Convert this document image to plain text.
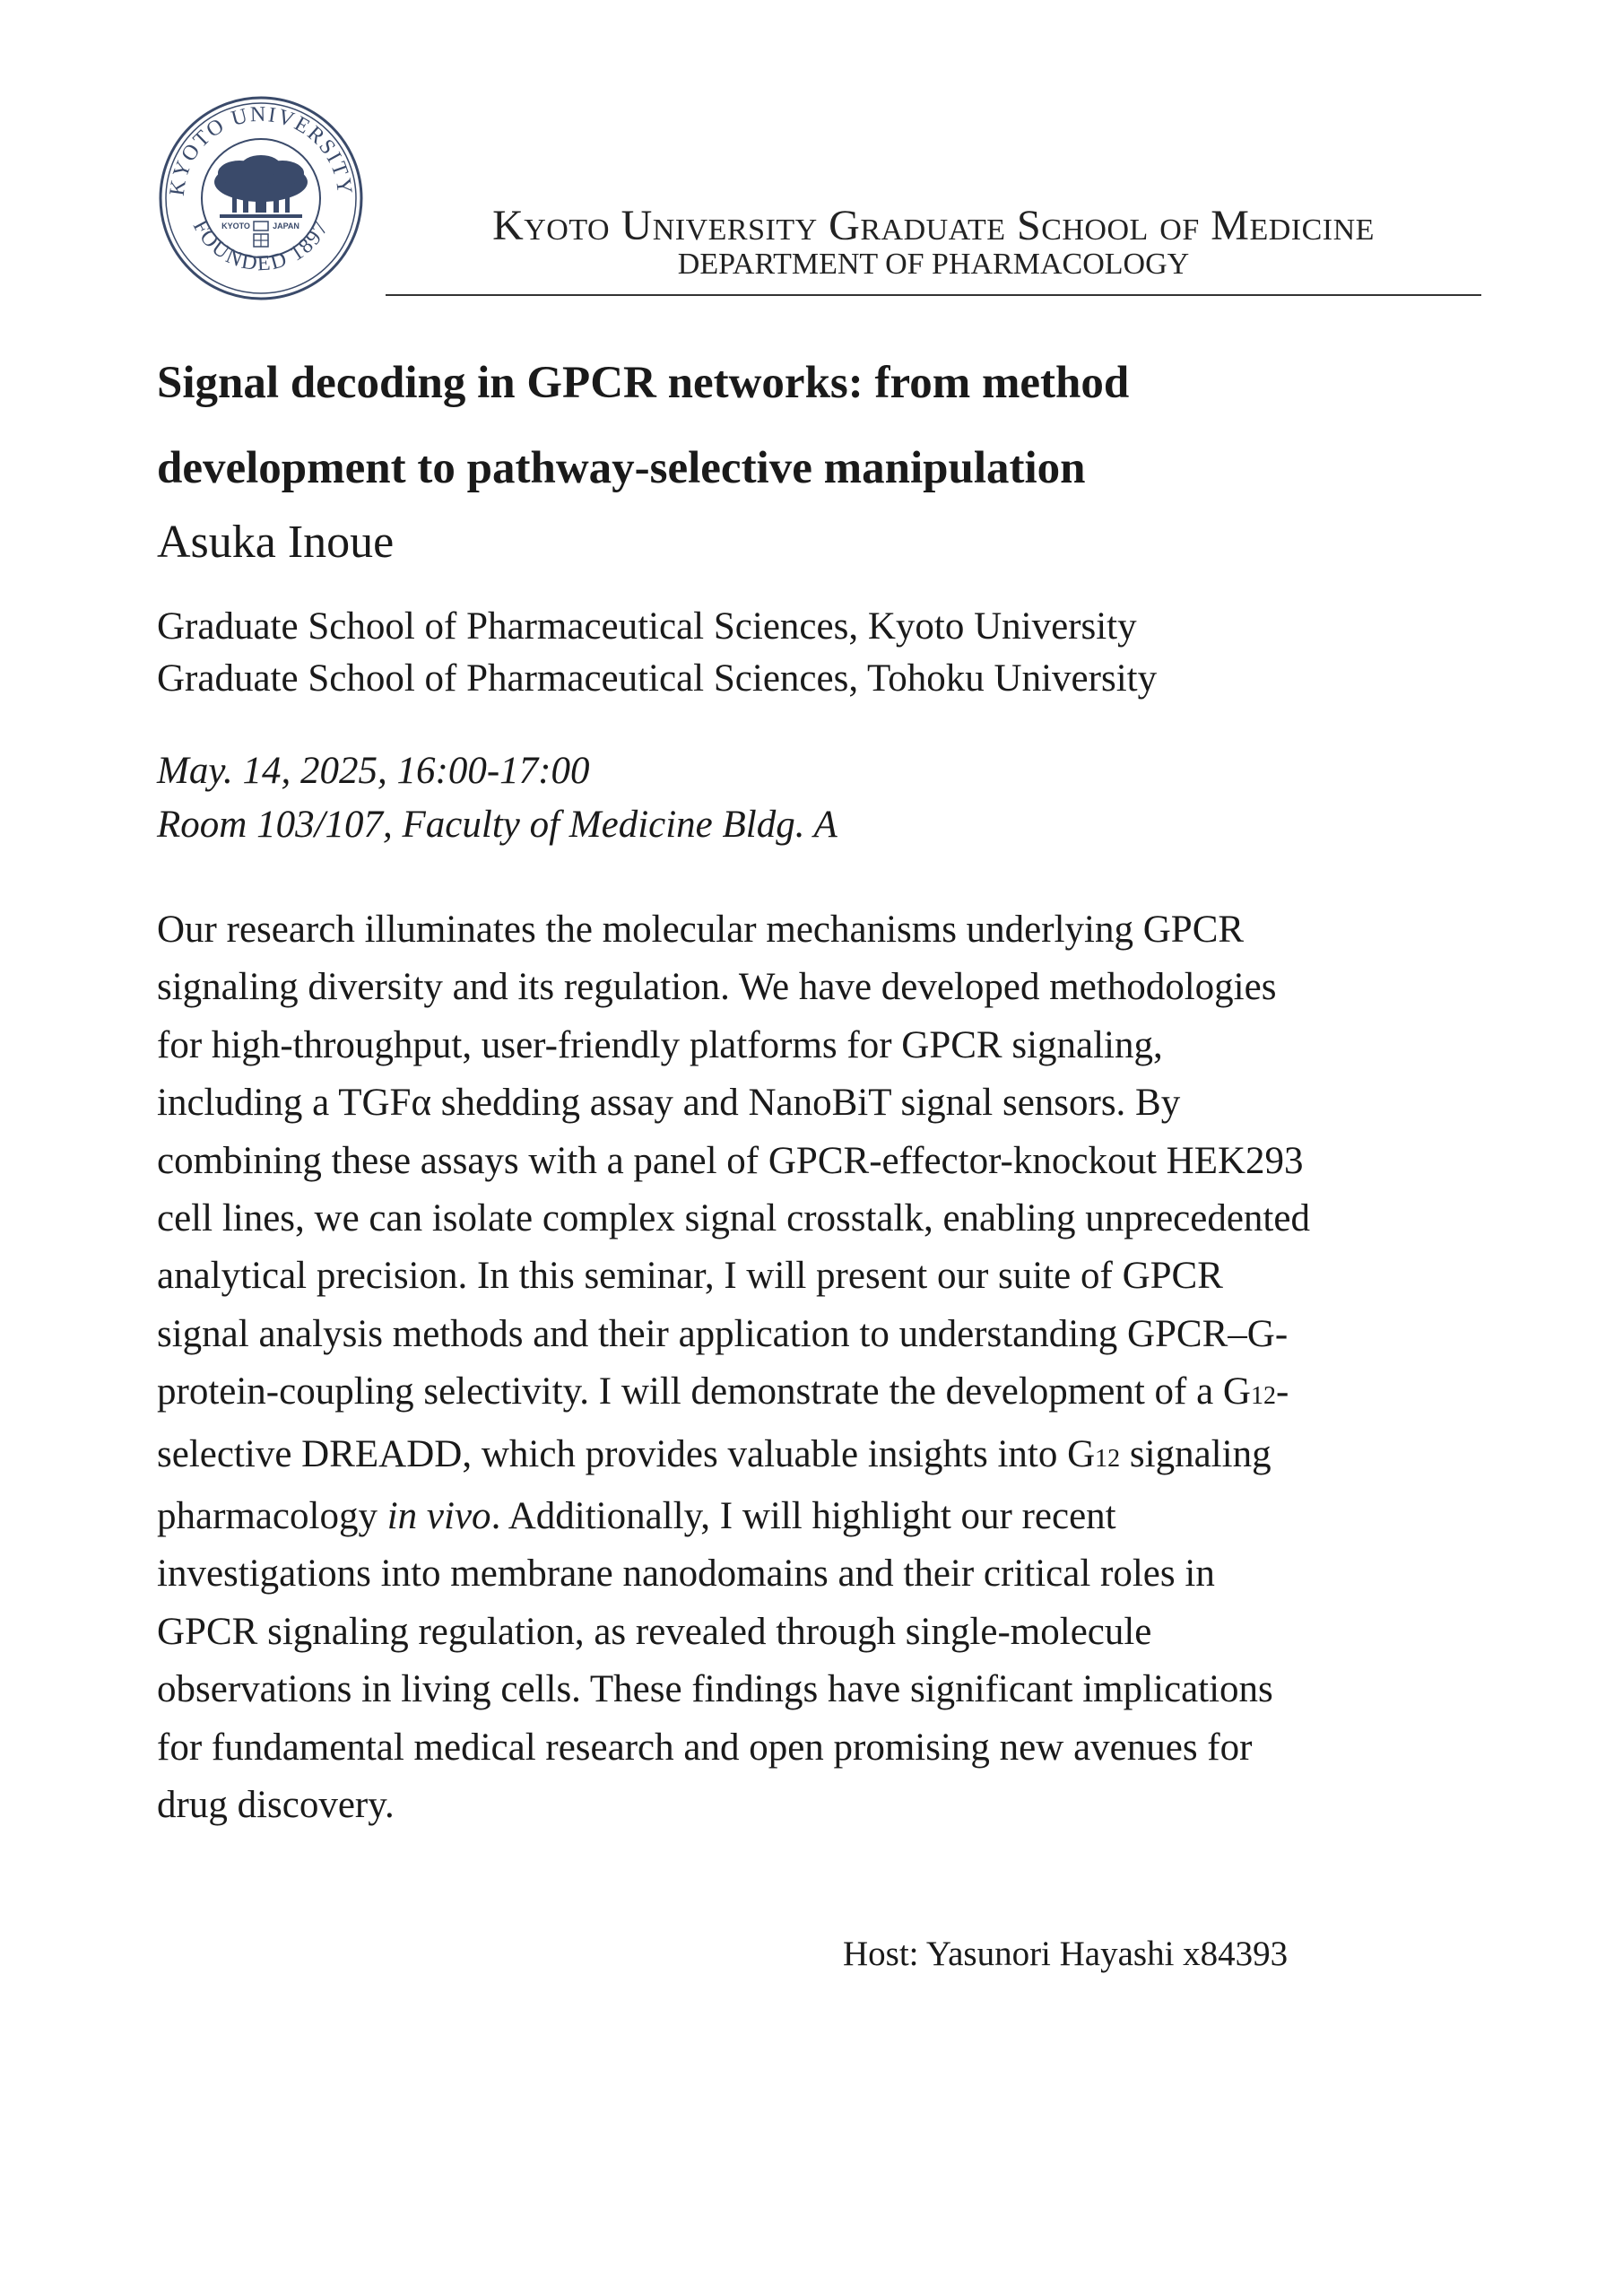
KYOTO UNIVERSITY
FOUNDED 1897
KYOTO	JAPAN	Kyoto University Graduate School of Medicine
DEPARTMENT OF PHARMACOLOGY
Signal decoding in GPCR networks: from method
development to pathway-selective manipulation
Asuka Inoue
Graduate School of Pharmaceutical Sciences, Kyoto University
Graduate School of Pharmaceutical Sciences, Tohoku University
May. 14, 2025, 16:00-17:00
Room 103/107, Faculty of Medicine Bldg. A
Our research illuminates the molecular mechanisms underlying GPCR
signaling diversity and its regulation. We have developed methodologies
for high-throughput, user-friendly platforms for GPCR signaling,
including a TGFα shedding assay and NanoBiT signal sensors. By
combining these assays with a panel of GPCR-effector-knockout HEK293
cell lines, we can isolate complex signal crosstalk, enabling unprecedented
analytical precision. In this seminar, I will present our suite of GPCR
signal analysis methods and their application to understanding GPCR–G-
protein-coupling selectivity. I will demonstrate the development of a G12-
selective DREADD, which provides valuable insights into G12 signaling
pharmacology in vivo. Additionally, I will highlight our recent
investigations into membrane nanodomains and their critical roles in
GPCR signaling regulation, as revealed through single-molecule
observations in living cells. These findings have significant implications
for fundamental medical research and open promising new avenues for
drug discovery.
Host: Yasunori Hayashi x84393
